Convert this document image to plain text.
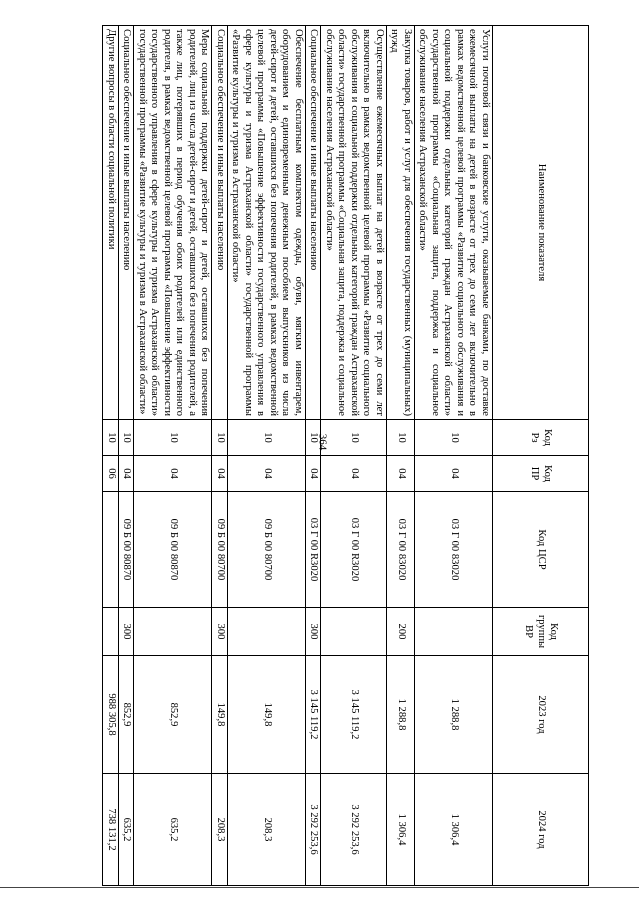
364
Наименование показателя	Код Рз	Код ПР	Код ЦСР	Код группы ВР	2023 год	2024 год
Услуги почтовой связи и банковские услуги, оказываемые банками, по доставке ежемесячной выплаты на детей в возрасте от трех до семи лет включительно в рамках ведомственной целевой программы «Развитие социального обслуживания и социальной поддержки отдельных категорий граждан Астраханской области» государственной программы «Социальная защита, поддержка и социальное обслуживание населения Астраханской области»	10	04	03 Г 00 83020		1 288,8	1 306,4
Закупка товаров, работ и услуг для обеспечения государственных (муниципальных) нужд	10	04	03 Г 00 83020	200	1 288,8	1 306,4
Осуществление ежемесячных выплат на детей в возрасте от трех до семи лет включительно в рамках ведомственной целевой программы «Развитие социального обслуживания и социальной поддержки отдельных категорий граждан Астраханской области» государственной программы «Социальная защита, поддержка и социальное обслуживание населения Астраханской области»	10	04	03 Г 00 R3020		3 145 119,2	3 292 253,6
Социальное обеспечение и иные выплаты населению	10	04	03 Г 00 R3020	300	3 145 119,2	3 292 253,6
Обеспечение бесплатным комплектом одежды, обуви, мягким инвентарем, оборудованием и единовременным денежным пособием выпускников из числа детей-сирот и детей, оставшихся без попечения родителей, в рамках ведомственной целевой программы «Повышение эффективности государственного управления в сфере культуры и туризма Астраханской области» государственной программы «Развитие культуры и туризма в Астраханской области»	10	04	09 Б 00 80700		149,8	208,3
Социальное обеспечение и иные выплаты населению	10	04	09 Б 00 80700	300	149,8	208,3
Меры социальной поддержки детей-сирот и детей, оставшихся без попечения родителей, лиц из числа детей-сирот и детей, оставшихся без попечения родителей, а также лиц, потерявших в период обучения обоих родителей или единственного родителя, в рамках ведомственной целевой программы «Повышение эффективности государственного управления в сфере культуры и туризма Астраханской области» государственной программы «Развитие культуры и туризма в Астраханской области»	10	04	09 Б 00 80870		852,9	635,2
Социальное обеспечение и иные выплаты населению	10	04	09 Б 00 80870	300	852,9	635,2
Другие вопросы в области социальной политики	10	06			988 305,8	738 131,2
